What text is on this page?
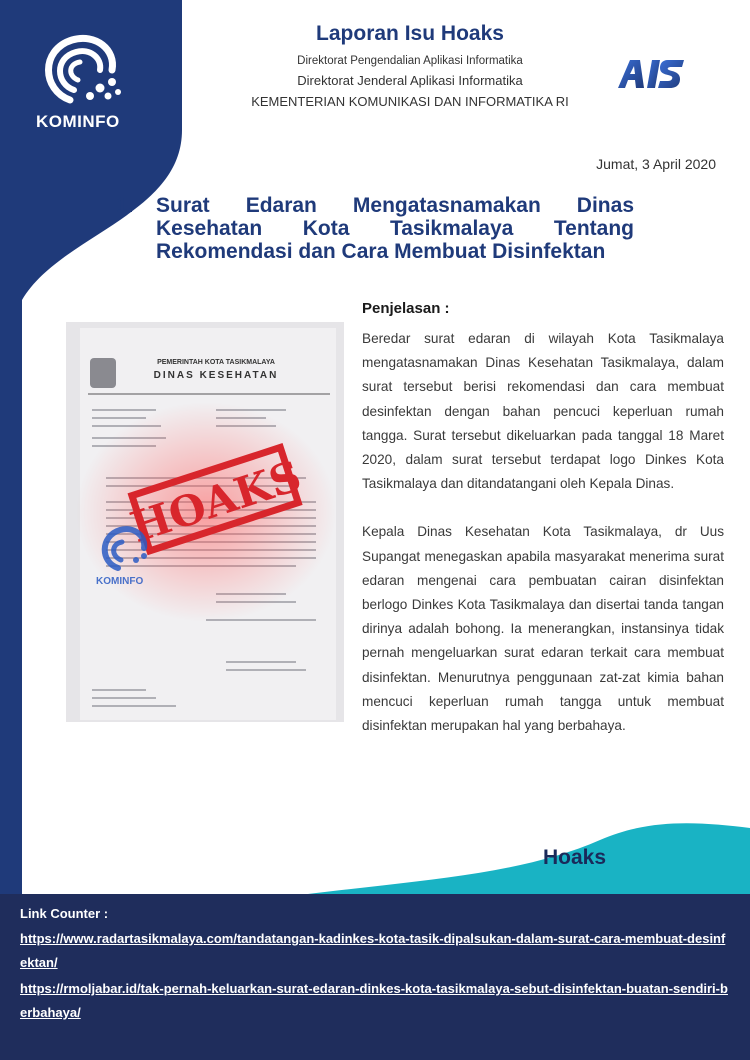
KOMINFO
Laporan Isu Hoaks
Direktorat Pengendalian Aplikasi Informatika
Direktorat Jenderal Aplikasi Informatika
KEMENTERIAN KOMUNIKASI DAN INFORMATIKA RI
Jumat, 3 April 2020
1. Surat Edaran Mengatasnamakan Dinas Kesehatan Kota Tasikmalaya Tentang Rekomendasi dan Cara Membuat Disinfektan
PEMERINTAH KOTA TASIKMALAYA
DINAS KESEHATAN
HOAKS
KOMINFO
Penjelasan :

Beredar surat edaran di wilayah Kota Tasikmalaya mengatasnamakan Dinas Kesehatan Tasikmalaya, dalam surat tersebut berisi rekomendasi dan cara membuat desinfektan dengan bahan pencuci keperluan rumah tangga. Surat tersebut dikeluarkan pada tanggal 18 Maret 2020, dalam surat tersebut terdapat logo Dinkes Kota Tasikmalaya dan ditandatangani oleh Kepala Dinas.

Kepala Dinas Kesehatan Kota Tasikmalaya, dr Uus Supangat menegaskan apabila masyarakat menerima surat edaran mengenai cara pembuatan cairan disinfektan berlogo Dinkes Kota Tasikmalaya dan disertai tanda tangan dirinya adalah bohong. Ia menerangkan, instansinya tidak pernah mengeluarkan surat edaran terkait cara membuat disinfektan. Menurutnya penggunaan zat-zat kimia bahan mencuci keperluan rumah tangga untuk membuat disinfektan merupakan hal yang berbahaya.

Hoaks
Link Counter :
https://www.radartasikmalaya.com/tandatangan-kadinkes-kota-tasik-dipalsukan-dalam-surat-cara-membuat-desinfektan/
https://rmoljabar.id/tak-pernah-keluarkan-surat-edaran-dinkes-kota-tasikmalaya-sebut-disinfektan-buatan-sendiri-berbahaya/
